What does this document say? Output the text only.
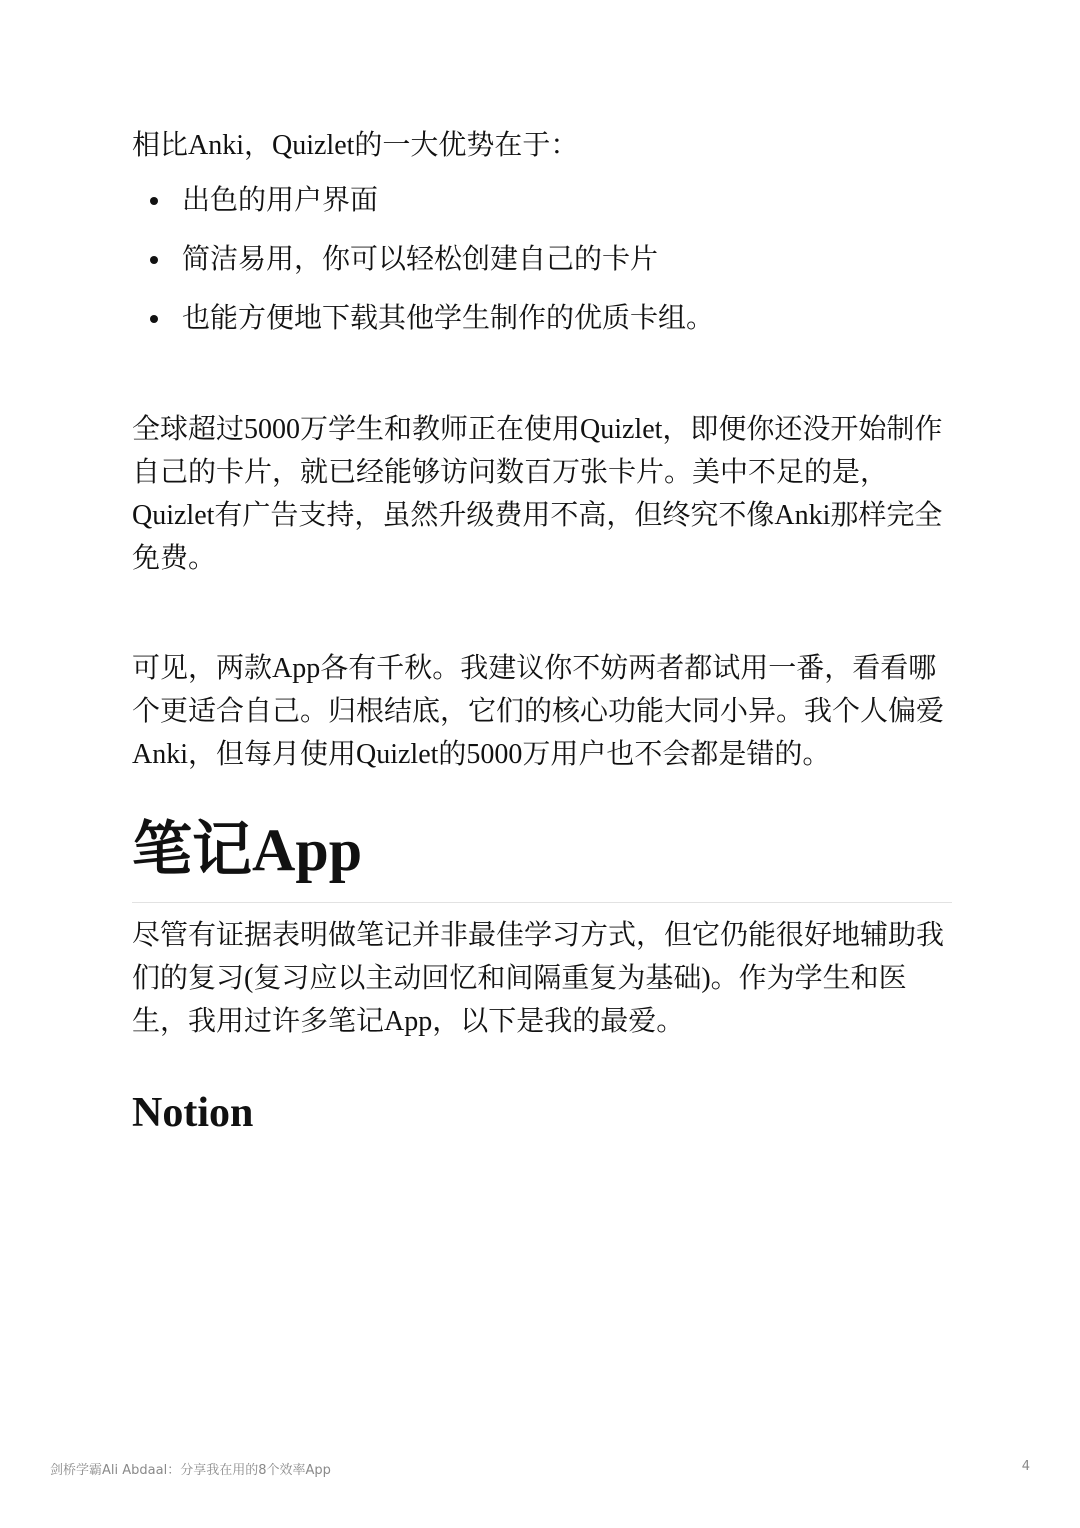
相比Anki，Quizlet的一大优势在于：

出色的用户界面
简洁易用，你可以轻松创建自己的卡片
也能方便地下载其他学生制作的优质卡组。

全球超过5000万学生和教师正在使用Quizlet，即便你还没开始制作自己的卡片，就已经能够访问数百万张卡片。美中不足的是，Quizlet有广告支持，虽然升级费用不高，但终究不像Anki那样完全免费。

可见，两款App各有千秋。我建议你不妨两者都试用一番，看看哪个更适合自己。归根结底，它们的核心功能大同小异。我个人偏爱Anki，但每月使用Quizlet的5000万用户也不会都是错的。

笔记App

尽管有证据表明做笔记并非最佳学习方式，但它仍能很好地辅助我们的复习(复习应以主动回忆和间隔重复为基础)。作为学生和医生，我用过许多笔记App，以下是我的最爱。

Notion
剑桥学霸Ali Abdaal：分享我在用的8个效率App	4
